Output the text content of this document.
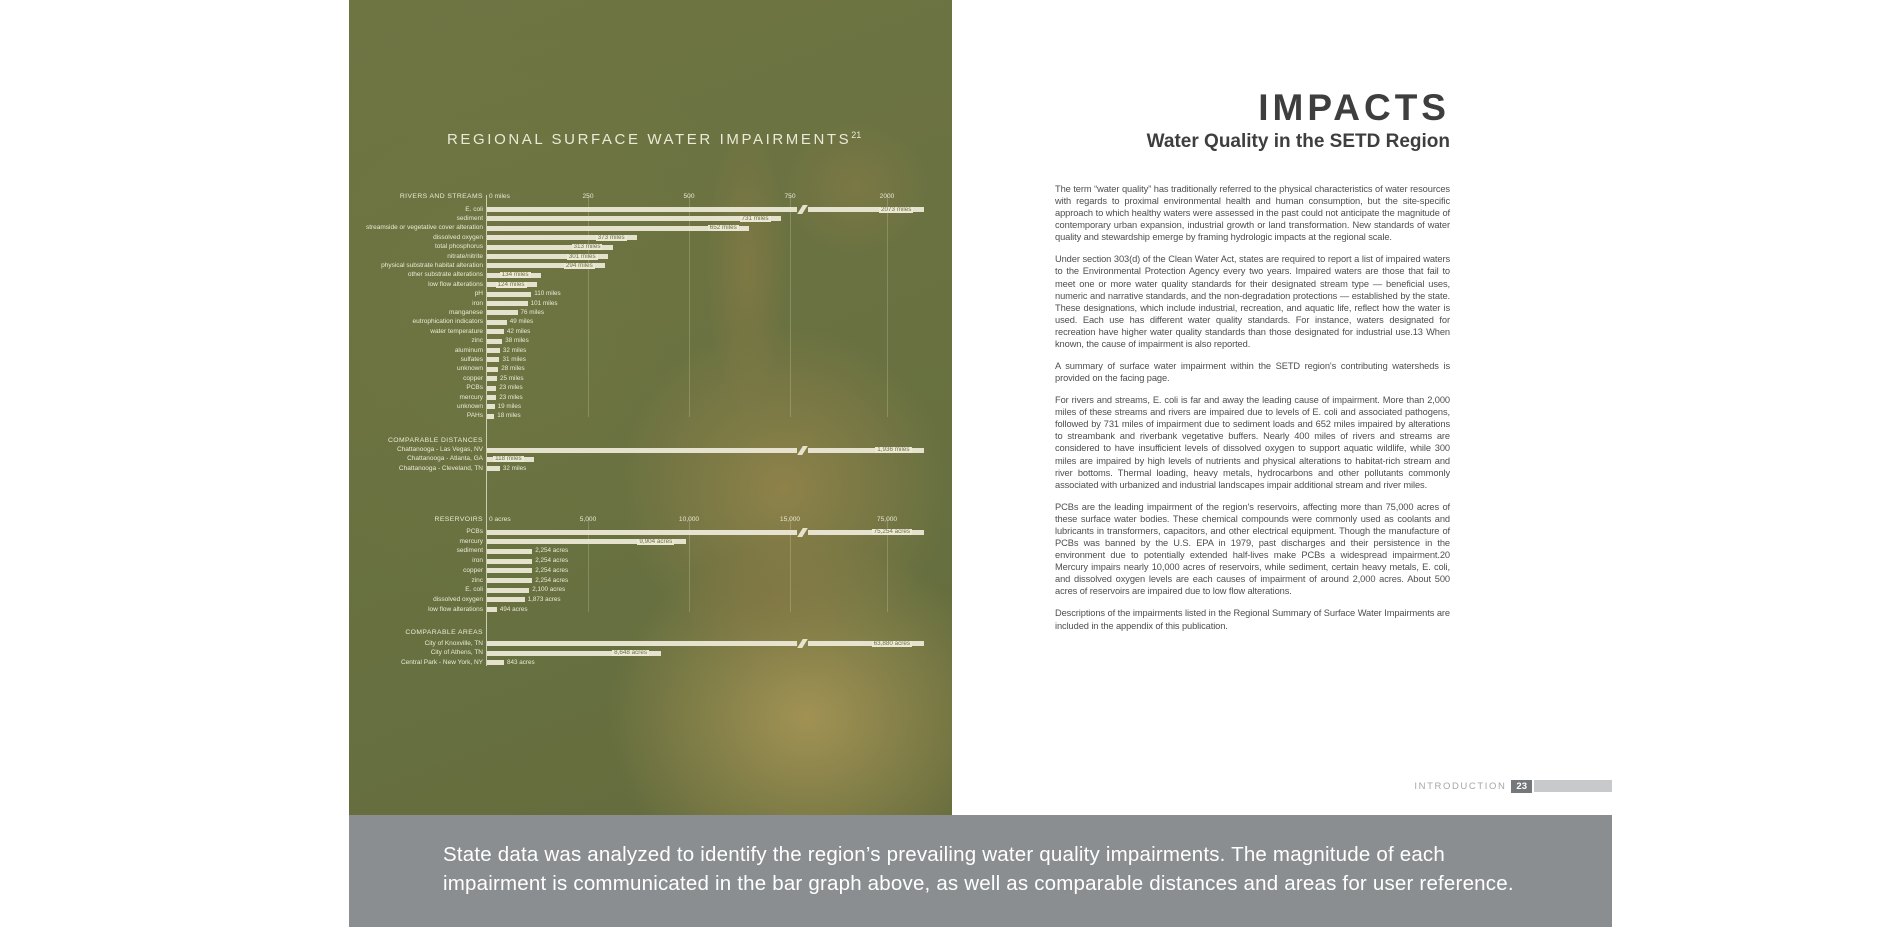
REGIONAL SURFACE WATER IMPAIRMENTS$^{21}$
RIVERS AND STREAMS 0 miles	250	500	750	2000
E. coli	2073 miles
sediment	731 miles
streamside or vegetative cover alteration	652 miles
dissolved oxygen	373 miles
total phosphorus	313 miles
nitrate/nitrite	301 miles
physical substrate habitat alteration	294 miles
other substrate alterations	134 miles
low flow alterations	124 miles
pH	110 miles
iron	101 miles
manganese	76 miles
eutrophication indicators	49 miles
water temperature	42 miles
zinc	38 miles
aluminum	32 miles
sulfates	31 miles
unknown	28 miles
copper	25 miles
PCBs	23 miles
mercury	23 miles
unknown 19 miles
PAHs 18 miles
COMPARABLE DISTANCES
Chattanooga - Las Vegas, NV	1,936 miles
Chattanooga - Atlanta, GA	118 miles
Chattanooga - Cleveland, TN	32 miles
RESERVOIRS 0 acres	5,000	10,000	15,000	75,000
PCBs	75,254 acres
mercury	9,904 acres
sediment	2,254 acres
iron	2,254 acres
copper	2,254 acres
zinc	2,254 acres
E. coli	2,100 acres
dissolved oxygen	1,873 acres
low flow alterations	494 acres
COMPARABLE AREAS
City of Knoxville, TN	63,880 acres
City of Athens, TN	8,648 acres
Central Park - New York, NY	843 acres
IMPACTS
Water Quality in the SETD Region

The term “water quality” has traditionally referred to the physical characteristics of water resources with regards to proximal environmental health and human consumption, but the site-specific approach to which healthy waters were assessed in the past could not anticipate the magnitude of contemporary urban expansion, industrial growth or land transformation. New standards of water quality and stewardship emerge by framing hydrologic impacts at the regional scale.

Under section 303(d) of the Clean Water Act, states are required to report a list of impaired waters to the Environmental Protection Agency every two years. Impaired waters are those that fail to meet one or more water quality standards for their designated stream type — beneficial uses, numeric and narrative standards, and the non-degradation protections — established by the state. These designations, which include industrial, recreation, and aquatic life, reflect how the water is used. Each use has different water quality standards. For instance, waters designated for recreation have higher water quality standards than those designated for industrial use.13 When known, the cause of impairment is also reported.

A summary of surface water impairment within the SETD region's contributing watersheds is provided on the facing page.

For rivers and streams, E. coli is far and away the leading cause of impairment. More than 2,000 miles of these streams and rivers are impaired due to levels of E. coli and associated pathogens, followed by 731 miles of impairment due to sediment loads and 652 miles impaired by alterations to streambank and riverbank vegetative buffers. Nearly 400 miles of rivers and streams are considered to have insufficient levels of dissolved oxygen to support aquatic wildlife, while 300 miles are impaired by high levels of nutrients and physical alterations to habitat-rich stream and river bottoms. Thermal loading, heavy metals, hydrocarbons and other pollutants commonly associated with urbanized and industrial landscapes impair additional stream and river miles.

PCBs are the leading impairment of the region's reservoirs, affecting more than 75,000 acres of these surface water bodies. These chemical compounds were commonly used as coolants and lubricants in transformers, capacitors, and other electrical equipment. Though the manufacture of PCBs was banned by the U.S. EPA in 1979, past discharges and their persistence in the environment due to potentially extended half-lives make PCBs a widespread impairment.20 Mercury impairs nearly 10,000 acres of reservoirs, while sediment, certain heavy metals, E. coli, and dissolved oxygen levels are each causes of impairment of around 2,000 acres. About 500 acres of reservoirs are impaired due to low flow alterations.

Descriptions of the impairments listed in the Regional Summary of Surface Water Impairments are included in the appendix of this publication.

INTRODUCTION	23
State data was analyzed to identify the region’s prevailing water quality impairments. The magnitude of each impairment is communicated in the bar graph above, as well as comparable distances and areas for user reference.
